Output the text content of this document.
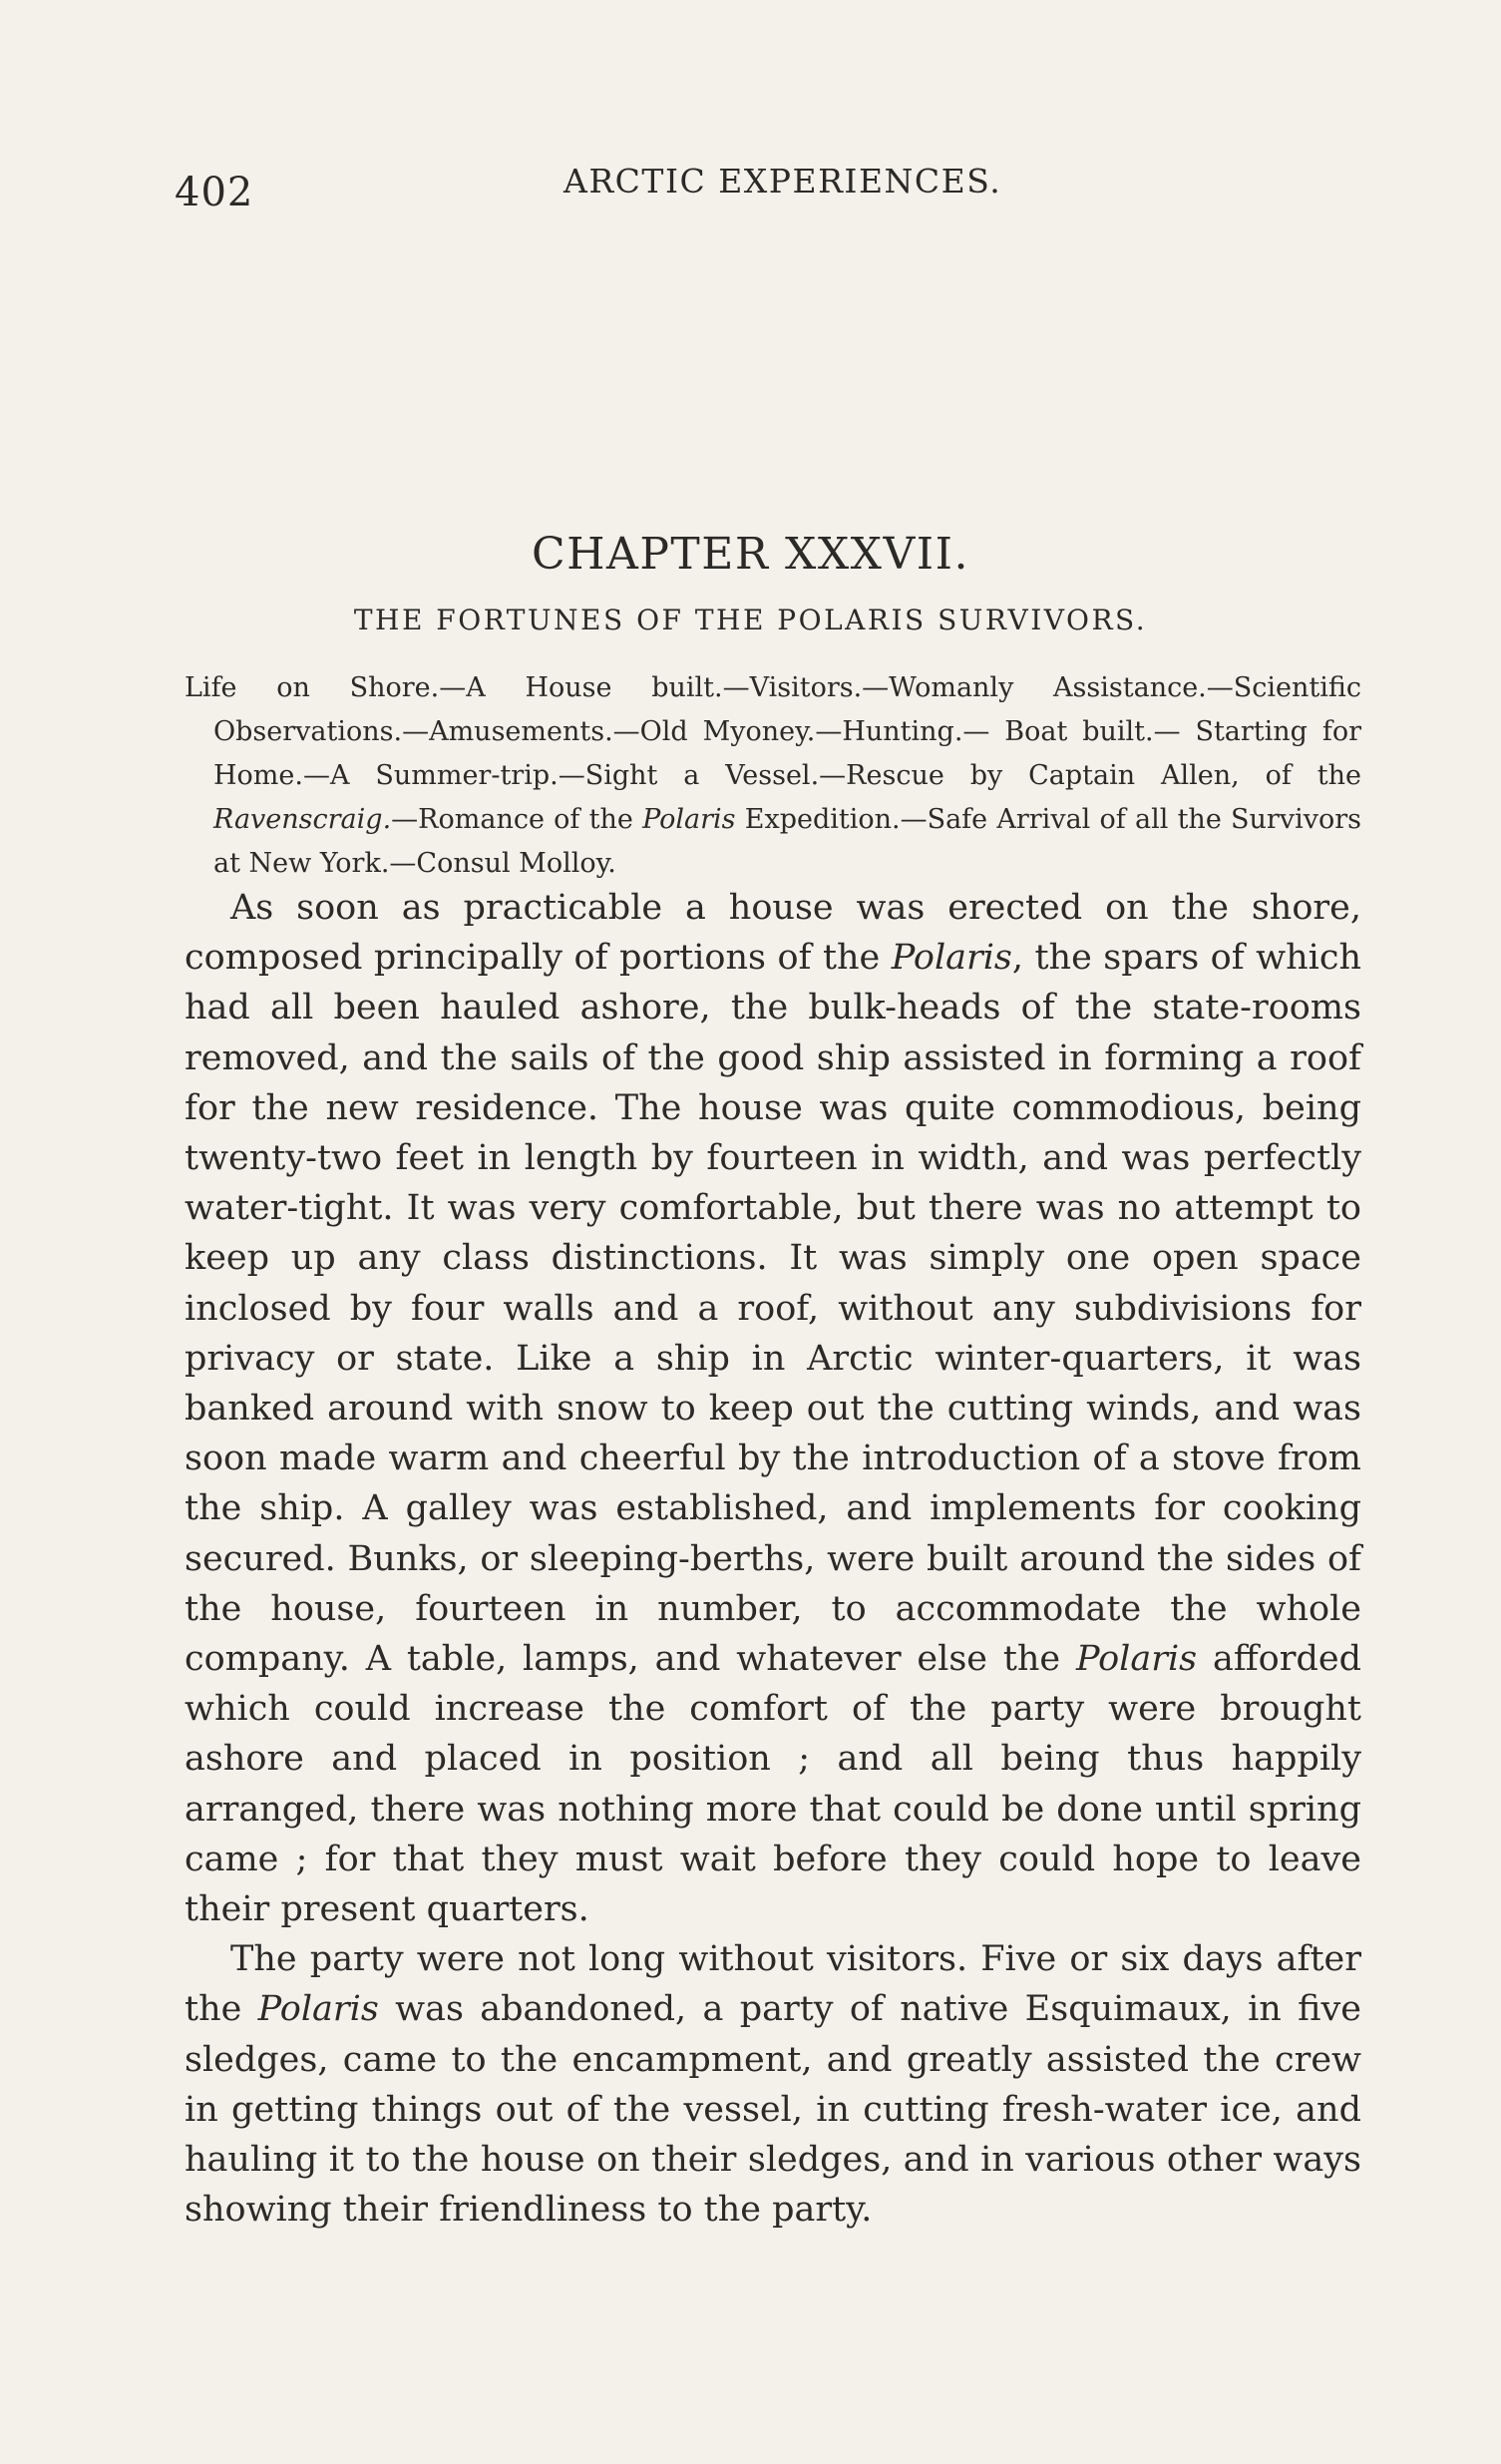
402	ARCTIC EXPERIENCES.
CHAPTER XXXVII.
THE FORTUNES OF THE POLARIS SURVIVORS.
Life on Shore.—A House built.—Visitors.—Womanly Assistance.—Scientific Observations.—Amusements.—Old Myoney.—Hunting.— Boat built.— Starting for Home.—A Summer-trip.—Sight a Vessel.—Rescue by Captain Allen, of the Ravenscraig.—Romance of the Polaris Expedition.—Safe Arrival of all the Survivors at New York.—Consul Molloy.

As soon as practicable a house was erected on the shore, composed principally of portions of the Polaris, the spars of which had all been hauled ashore, the bulk-heads of the state-rooms removed, and the sails of the good ship assisted in forming a roof for the new residence. The house was quite commodious, being twenty-two feet in length by fourteen in width, and was perfectly water-tight. It was very comfortable, but there was no attempt to keep up any class distinctions. It was simply one open space inclosed by four walls and a roof, without any subdivisions for privacy or state. Like a ship in Arctic winter-quarters, it was banked around with snow to keep out the cutting winds, and was soon made warm and cheerful by the introduction of a stove from the ship. A galley was established, and implements for cooking secured. Bunks, or sleeping-berths, were built around the sides of the house, fourteen in number, to accommodate the whole company. A table, lamps, and whatever else the Polaris afforded which could increase the comfort of the party were brought ashore and placed in position ; and all being thus happily arranged, there was nothing more that could be done until spring came ; for that they must wait before they could hope to leave their present quarters.

The party were not long without visitors. Five or six days after the Polaris was abandoned, a party of native Esquimaux, in five sledges, came to the encampment, and greatly assisted the crew in getting things out of the vessel, in cutting fresh-water ice, and hauling it to the house on their sledges, and in various other ways showing their friendliness to the party.
